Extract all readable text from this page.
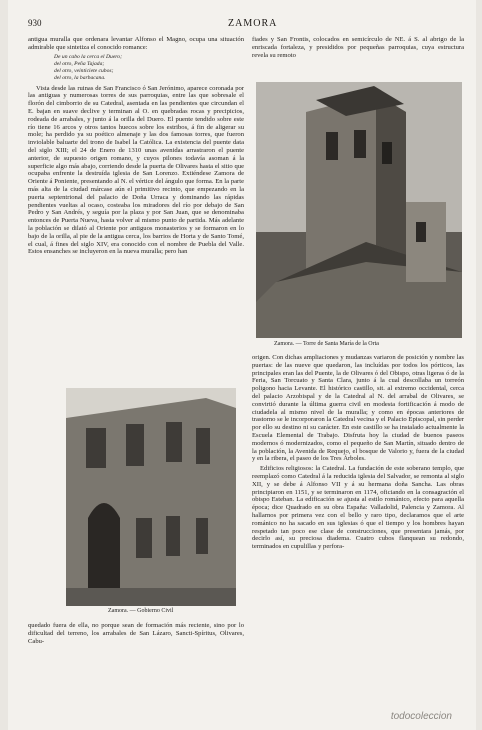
930	ZAMORA

antigua muralla que ordenara levantar Alfonso el Magno, ocupa una situación admirable que sintetiza el conocido romance:

De un cabo la cerca el Duero;
del otro, Peña Tajada;
del otro, veinticiete cubos;
del otro, la barbacana.

Vista desde las ruinas de San Francisco ó San Jerónimo, aparece coronada por las antiguas y numerosas torres de sus parroquias, entre las que sobresale el florón del cimborrio de su Catedral, asentada en las pendientes que circundan el E. bajan en suave declive y terminan al O. en quebradas rocas y precipicios, rodeada de arrabales, y junto á la orilla del Duero. El puente tendido sobre este río tiene 16 arcos y otros tantos huecos sobre los estribos, á fin de aligerar su mole; ha perdido ya su poético almenaje y las dos famosas torres, que fueron inviolable baluarte del trono de Isabel la Católica. La existencia del puente data del siglo XIII; el 24 de Enero de 1310 unas avenidas arrastraron el puente anterior, de supuesto origen romano, y cuyos pilones todavía asoman á la superficie algo más abajo, corriendo desde la puerta de Olivares hasta el sitio que ocupaba enfrente la destruída iglesia de San Lorenzo. Extiéndese Zamora de Oriente á Poniente, presentando al N. el vértice del ángulo que forma. En la parte más alta de la ciudad márcase aún el primitivo recinto, que empezando en la puerta septentrional del palacio de Doña Urraca y dominando las rápidas pendientes vueltas al ocaso, costeaba los miradores del río por debajo de San Pedro y San Andrés, y seguía por la plaza y por San Juan, que se denominaba entonces de Puerta Nueva, hasta volver al mismo punto de partida. Más adelante la población se dilató al Oriente por antiguos monasterios y se formaron en lo bajo de la orilla, al pie de la antigua cerca, los barrios de Horta y de Santo Tomé, el cual, á fines del siglo XIV, era conocido con el nombre de Puebla del Valle. Estos ensanches se incluyeron en la nueva muralla; pero han

Zamora. — Gobierno Civil

quedado fuera de ella, no porque sean de formación más reciente, sino por lo dificultad del terreno, los arrabales de San Lázaro, Sancti-Spíritus, Olivares, Cabu-

fiades y San Frontis, colocados en semicírculo de NE. á S. al abrigo de la enriscada fortaleza, y presididos por pequeñas parroquias, cuya estructura revela su remoto

Zamora. — Torre de Santa María de la Orta

origen. Con dichas ampliaciones y mudanzas variaron de posición y nombre las puertas: de las nueve que quedaron, las incluídas por todos los pórticos, las principales eran las del Puente, la de Olivares ó del Obispo, otras ligeras ó de la Feria, San Torcuato y Santa Clara, junto á la cual descollaba un torreón poligono hacia Levante. El histórico castillo, sit. al extremo occidental, cerca del palacio Arzobispal y de la Catedral al N. del arrabal de Olivares, se convirtió durante la última guerra civil en modesta fortificación á modo de ciudadela al mismo nivel de la muralla; y como en épocas anteriores de trastorno se le incorporaron la Catedral vecina y el Palacio Episcopal, sin perder por ello su destino ni su carácter. En este castillo se ha instalado actualmente la Escuela Elemental de Trabajo. Disfruta hoy la ciudad de buenos paseos modernos ó modernizados, como el pequeño de San Martín, situado dentro de la población, la Avenida de Requejo, el bosque de Valorio y, fuera de la ciudad y en la ribera, el paseo de los Tres Árboles.

Edificios religiosos: la Catedral. La fundación de este soberano templo, que reemplazó como Catedral á la reducida iglesia del Salvador, se remonta al siglo XII, y se debe á Alfonso VII y á su hermana doña Sancha. Las obras principiaron en 1151, y se terminaron en 1174, oficiando en la consagración el obispo Esteban. La edificación se ajusta al estilo románico, efecto para aquella época; dice Quadrado en su obra España: Valladolid, Palencia y Zamora. Al hallarnos por primera vez con el bello y raro tipo, declaramos que el arte románico no ha sacado en sus iglesias ó que el tiempo y los hombres hayan respetado tan poco ese clase de construcciones, que presentara jamás, por decirlo así, su preciosa diadema. Cuatro cubos flanquean su redondo, terminados en cupulillas y perfora-

todocoleccion
